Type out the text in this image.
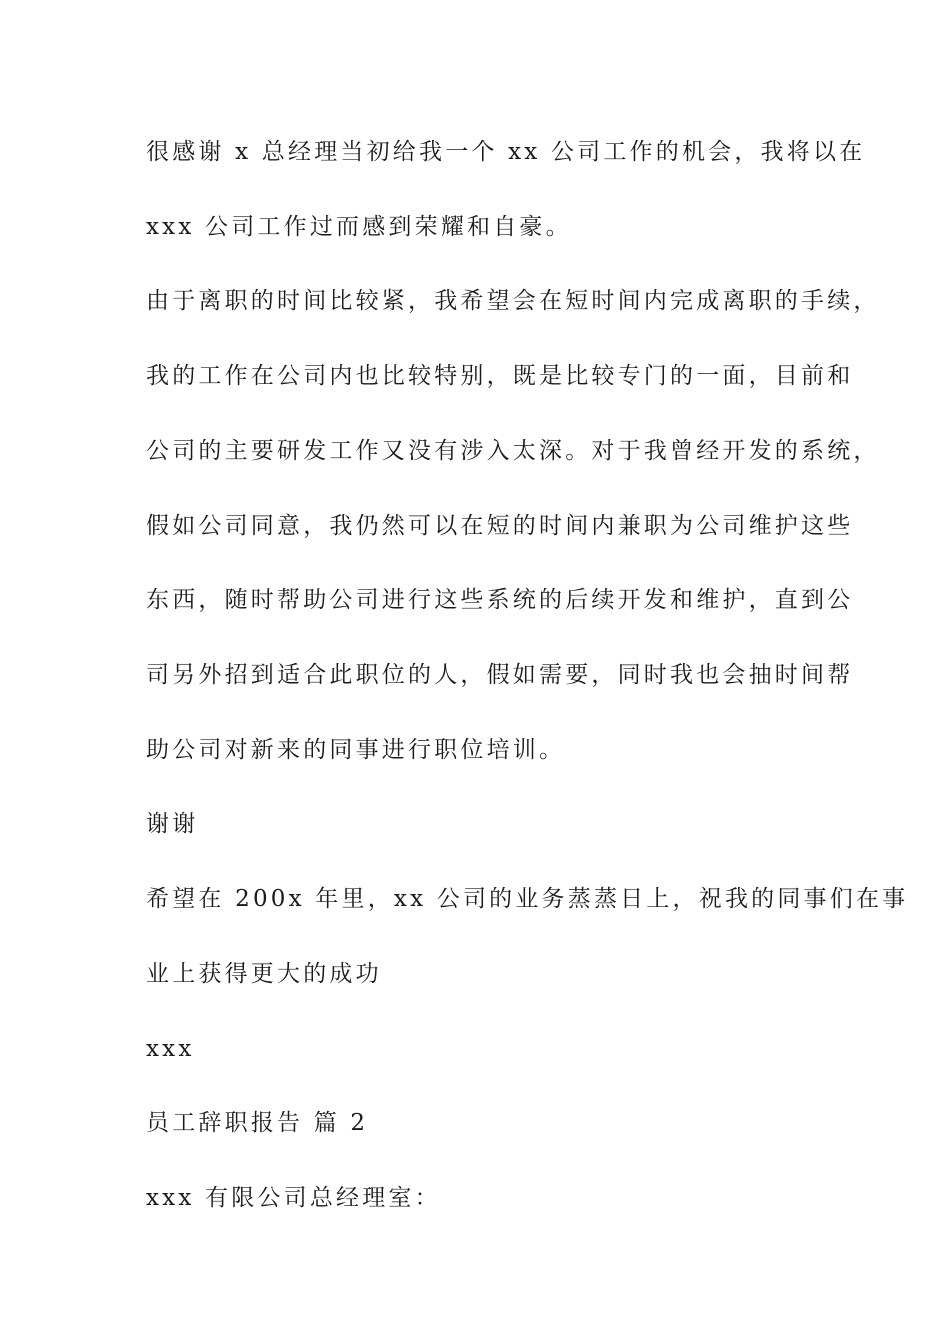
很感谢 x 总经理当初给我一个 xx 公司工作的机会，我将以在
xxx 公司工作过而感到荣耀和自豪。
由于离职的时间比较紧，我希望会在短时间内完成离职的手续，
我的工作在公司内也比较特别，既是比较专门的一面，目前和
公司的主要研发工作又没有涉入太深。对于我曾经开发的系统，
假如公司同意，我仍然可以在短的时间内兼职为公司维护这些
东西，随时帮助公司进行这些系统的后续开发和维护，直到公
司另外招到适合此职位的人，假如需要，同时我也会抽时间帮
助公司对新来的同事进行职位培训。
谢谢
希望在 200x 年里，xx 公司的业务蒸蒸日上，祝我的同事们在事
业上获得更大的成功
xxx
员工辞职报告 篇 2
xxx 有限公司总经理室：
